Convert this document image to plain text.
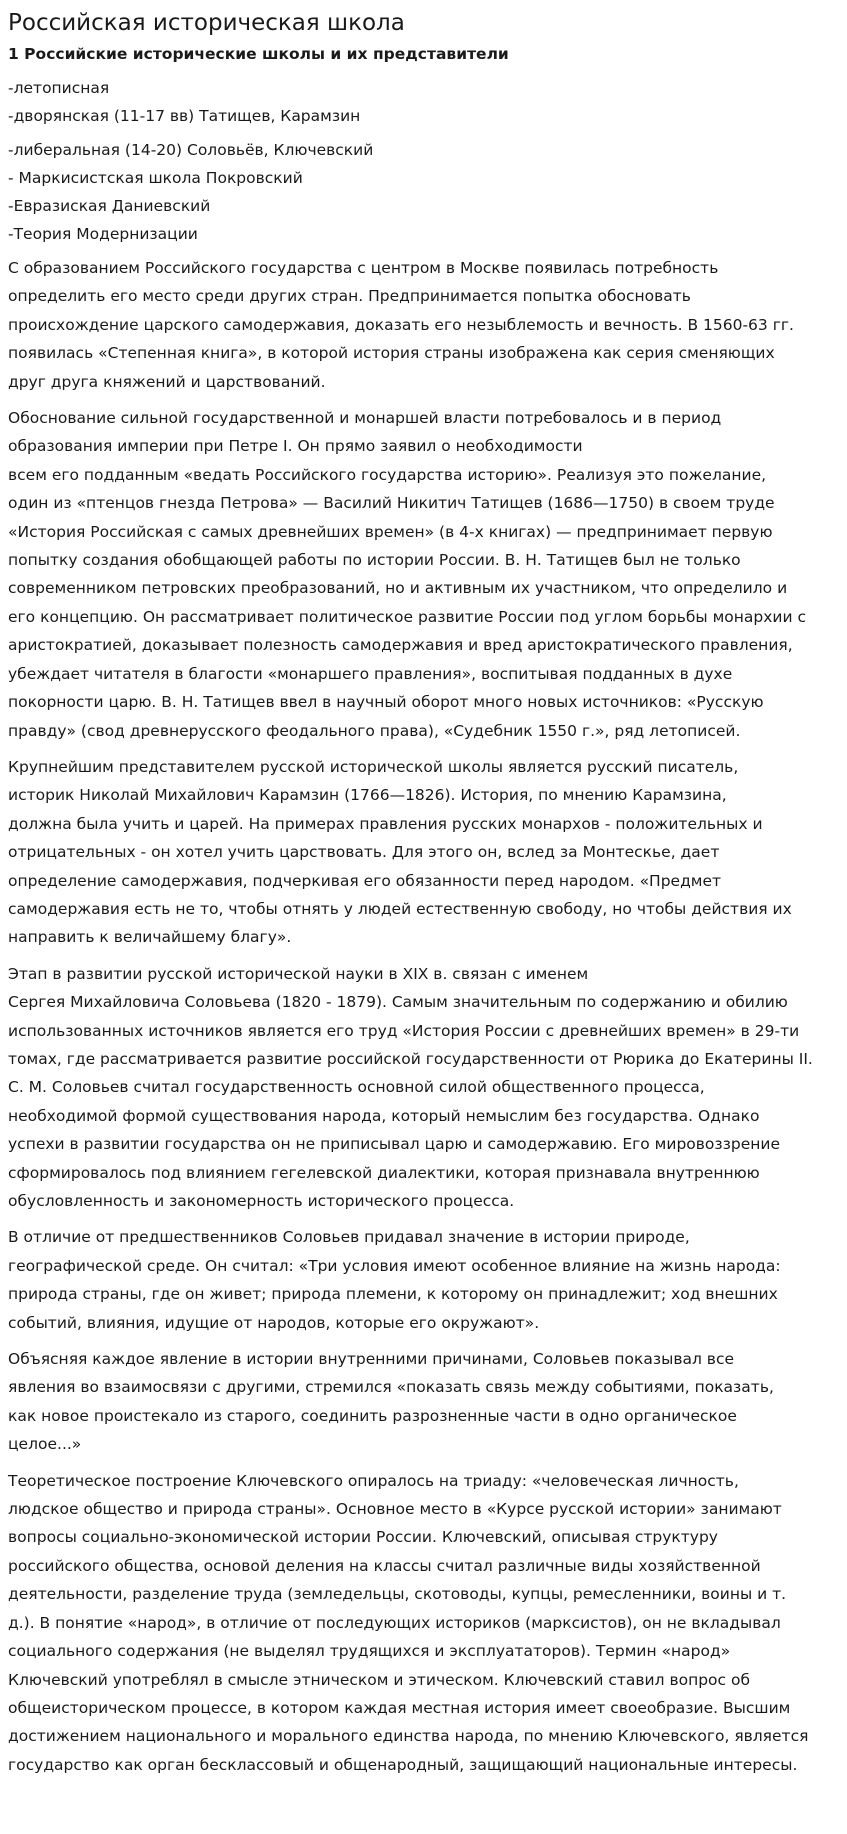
Российская историческая школа
1 Российские исторические школы и их представители
-летописная
-дворянская (11-17 вв) Татищев, Карамзин
-либеральная (14-20) Соловьёв, Ключевский
- Маркисистская школа Покровский
-Евразиская Даниевский
-Теория Модернизации

С образованием Российского государства с центром в Москве появилась потребность
определить его место среди других стран. Предпринимается попытка обосновать
происхождение царского самодержавия, доказать его незыблемость и вечность. В 1560-63 гг.
появилась «Степенная книга», в которой история страны изображена как серия сменяющих
друг друга княжений и царствований.

Обоснование сильной государственной и монаршей власти потребовалось и в период
образования империи при Петре I. Он прямо заявил о необходимости
всем его подданным «ведать Российского государства историю». Реализуя это пожелание,
один из «птенцов гнезда Петрова» — Василий Никитич Татищев (1686—1750) в своем труде
«История Российская с самых древнейших времен» (в 4-х книгах) — предпринимает первую
попытку создания обобщающей работы по истории России. В. Н. Татищев был не только
современником петровских преобразований, но и активным их участником, что определило и
его концепцию. Он рассматривает политическое развитие России под углом борьбы монархии с
аристократией, доказывает полезность самодержавия и вред аристократического правления,
убеждает читателя в благости «монаршего правления», воспитывая подданных в духе
покорности царю. В. Н. Татищев ввел в научный оборот много новых источников: «Русскую
правду» (свод древнерусского феодального права), «Судебник 1550 г.», ряд летописей.

Крупнейшим представителем русской исторической школы является русский писатель,
историк Николай Михайлович Карамзин (1766—1826). История, по мнению Карамзина,
должна была учить и царей. На примерах правления русских монархов - положительных и
отрицательных - он хотел учить царствовать. Для этого он, вслед за Монтескье, дает
определение самодержавия, подчеркивая его обязанности перед народом. «Предмет
самодержавия есть не то, чтобы отнять у людей естественную свободу, но чтобы действия их
направить к величайшему благу».

Этап в развитии русской исторической науки в XIX в. связан с именем
Сергея Михайловича Соловьева (1820 - 1879). Самым значительным по содержанию и обилию
использованных источников является его труд «История России с древнейших времен» в 29-ти
томах, где рассматривается развитие российской государственности от Рюрика до Екатерины II.
С. М. Соловьев считал государственность основной силой общественного процесса,
необходимой формой существования народа, который немыслим без государства. Однако
успехи в развитии государства он не приписывал царю и самодержавию. Его мировоззрение
сформировалось под влиянием гегелевской диалектики, которая признавала внутреннюю
обусловленность и закономерность исторического процесса.

В отличие от предшественников Соловьев придавал значение в истории природе,
географической среде. Он считал: «Три условия имеют особенное влияние на жизнь народа:
природа страны, где он живет; природа племени, к которому он принадлежит; ход внешних
событий, влияния, идущие от народов, которые его окружают».

Объясняя каждое явление в истории внутренними причинами, Соловьев показывал все
явления во взаимосвязи с другими, стремился «показать связь между событиями, показать,
как новое проистекало из старого, соединить разрозненные части в одно органическое
целое...»

Теоретическое построение Ключевского опиралось на триаду: «человеческая личность,
людское общество и природа страны». Основное место в «Курсе русской истории» занимают
вопросы социально-экономической истории России. Ключевский, описывая структуру
российского общества, основой деления на классы считал различные виды хозяйственной
деятельности, разделение труда (земледельцы, скотоводы, купцы, ремесленники, воины и т.
д.). В понятие «народ», в отличие от последующих историков (марксистов), он не вкладывал
социального содержания (не выделял трудящихся и эксплуататоров). Термин «народ»
Ключевский употреблял в смысле этническом и этическом. Ключевский ставил вопрос об
общеисторическом процессе, в котором каждая местная история имеет своеобразие. Высшим
достижением национального и морального единства народа, по мнению Ключевского, является
государство как орган бесклассовый и общенародный, защищающий национальные интересы.
